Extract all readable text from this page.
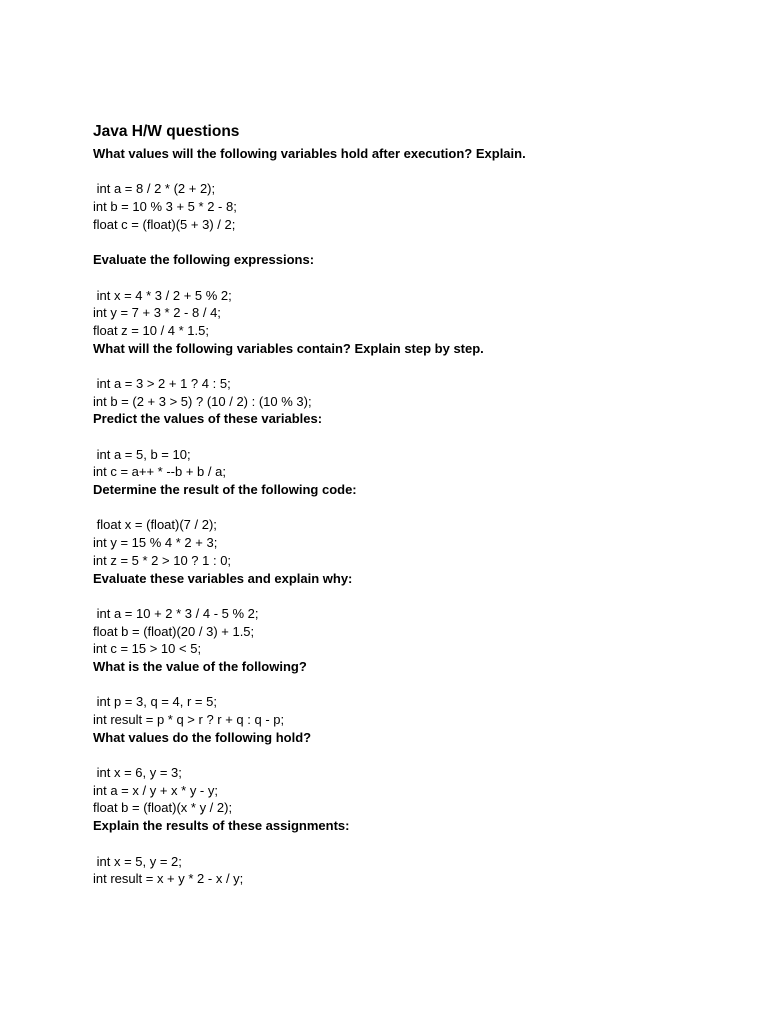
Java H/W questions
What values will the following variables hold after execution? Explain.
int a = 8 / 2 * (2 + 2);
int b = 10 % 3 + 5 * 2 - 8;
float c = (float)(5 + 3) / 2;
Evaluate the following expressions:
int x = 4 * 3 / 2 + 5 % 2;
int y = 7 + 3 * 2 - 8 / 4;
float z = 10 / 4 * 1.5;
What will the following variables contain? Explain step by step.
int a = 3 > 2 + 1 ? 4 : 5;
int b = (2 + 3 > 5) ? (10 / 2) : (10 % 3);
Predict the values of these variables:
int a = 5, b = 10;
int c = a++ * --b + b / a;
Determine the result of the following code:
float x = (float)(7 / 2);
int y = 15 % 4 * 2 + 3;
int z = 5 * 2 > 10 ? 1 : 0;
Evaluate these variables and explain why:
int a = 10 + 2 * 3 / 4 - 5 % 2;
float b = (float)(20 / 3) + 1.5;
int c = 15 > 10 < 5;
What is the value of the following?
int p = 3, q = 4, r = 5;
int result = p * q > r ? r + q : q - p;
What values do the following hold?
int x = 6, y = 3;
int a = x / y + x * y - y;
float b = (float)(x * y / 2);
Explain the results of these assignments:
int x = 5, y = 2;
int result = x + y * 2 - x / y;
